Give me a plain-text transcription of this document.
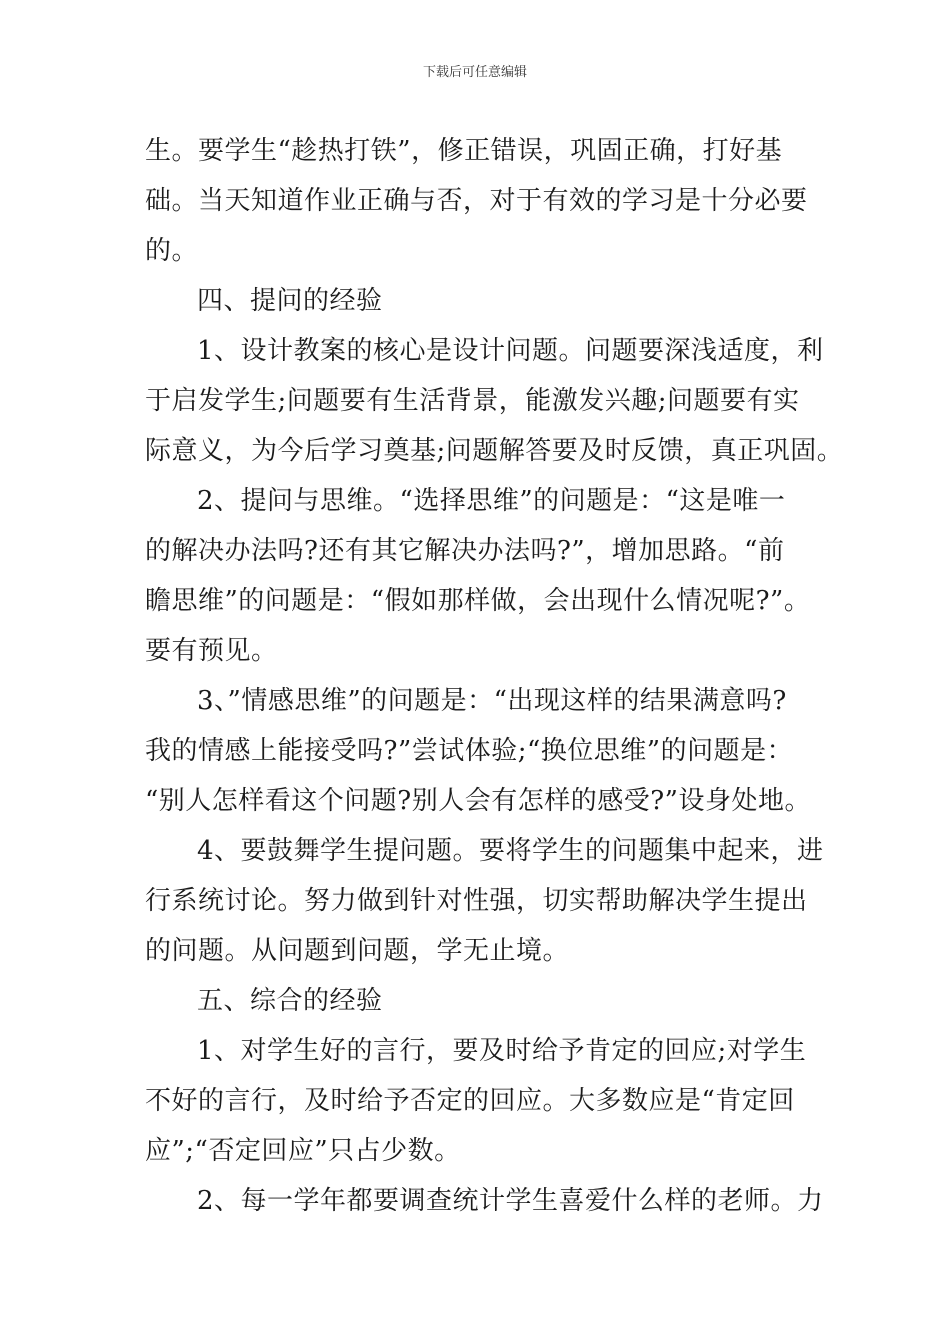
下载后可任意编辑
生。要学生“趁热打铁”，修正错误，巩固正确，打好基
础。当天知道作业正确与否，对于有效的学习是十分必要
的。
四、提问的经验
1、设计教案的核心是设计问题。问题要深浅适度，利
于启发学生;问题要有生活背景，能激发兴趣;问题要有实
际意义，为今后学习奠基;问题解答要及时反馈，真正巩固。
2、提问与思维。“选择思维”的问题是：“这是唯一
的解决办法吗?还有其它解决办法吗?”，增加思路。“前
瞻思维”的问题是：“假如那样做，会出现什么情况呢?”。
要有预见。
3、”情感思维”的问题是：“出现这样的结果满意吗?
我的情感上能接受吗?”尝试体验;“换位思维”的问题是：
“别人怎样看这个问题?别人会有怎样的感受?”设身处地。
4、要鼓舞学生提问题。要将学生的问题集中起来，进
行系统讨论。努力做到针对性强，切实帮助解决学生提出
的问题。从问题到问题，学无止境。
五、综合的经验
1、对学生好的言行，要及时给予肯定的回应;对学生
不好的言行，及时给予否定的回应。大多数应是“肯定回
应”;“否定回应”只占少数。
2、每一学年都要调查统计学生喜爱什么样的老师。力
